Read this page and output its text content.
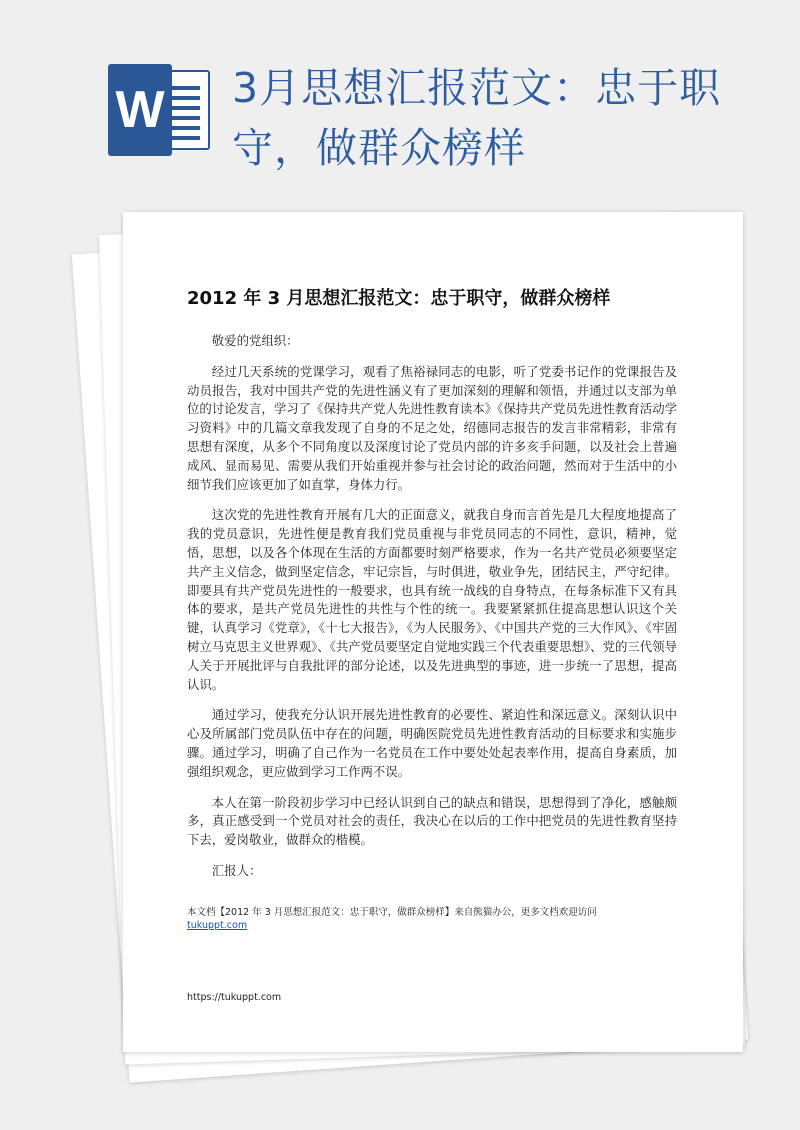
W 3月思想汇报范文：忠于职守，做群众榜样
2012 年 3 月思想汇报范文：忠于职守，做群众榜样

敬爱的党组织：

经过几天系统的党课学习，观看了焦裕禄同志的电影，听了党委书记作的党课报告及动员报告，我对中国共产党的先进性涵义有了更加深刻的理解和领悟，并通过以支部为单位的讨论发言，学习了《保持共产党人先进性教育读本》《保持共产党员先进性教育活动学习资料》中的几篇文章我发现了自身的不足之处，绍德同志报告的发言非常精彩，非常有思想有深度，从多个不同角度以及深度讨论了党员内部的许多亥手问题，以及社会上普遍成风、显而易见、需要从我们开始重视并参与社会讨论的政治问题，然而对于生活中的小细节我们应该更加了如直掌，身体力行。

这次党的先进性教育开展有几大的正面意义，就我自身而言首先是几大程度地提高了我的党员意识，先进性便是教育我们党员重视与非党员同志的不同性，意识，精神，觉悟，思想，以及各个体现在生活的方面都要时刻严格要求，作为一名共产党员必须要坚定共产主义信念，做到坚定信念，牢记宗旨，与时俱进，敬业争先，团结民主，严守纪律。即要具有共产党员先进性的一般要求，也具有统一战线的自身特点，在每条标准下又有具体的要求，是共产党员先进性的共性与个性的统一。我要紧紧抓住提高思想认识这个关键，认真学习《党章》，《十七大报告》，《为人民服务》、《中国共产党的三大作风》、《牢固树立马克思主义世界观》、《共产党员要坚定自觉地实践三个代表重要思想》、党的三代领导人关于开展批评与自我批评的部分论述，以及先进典型的事迹，进一步统一了思想，提高认识。

通过学习，使我充分认识开展先进性教育的必要性、紧迫性和深远意义。深刻认识中心及所属部门党员队伍中存在的问题，明确医院党员先进性教育活动的目标要求和实施步骤。通过学习，明确了自己作为一名党员在工作中要处处起表率作用，提高自身素质，加强组织观念，更应做到学习工作两不误。

本人在第一阶段初步学习中已经认识到自己的缺点和错误，思想得到了净化，感触颇多，真正感受到一个党员对社会的责任，我决心在以后的工作中把党员的先进性教育坚持下去，爱岗敬业，做群众的楷模。

汇报人：

本文档【2012 年 3 月思想汇报范文：忠于职守，做群众榜样】来自熊猫办公，更多文档欢迎访问
tukuppt.com
https://tukuppt.com
